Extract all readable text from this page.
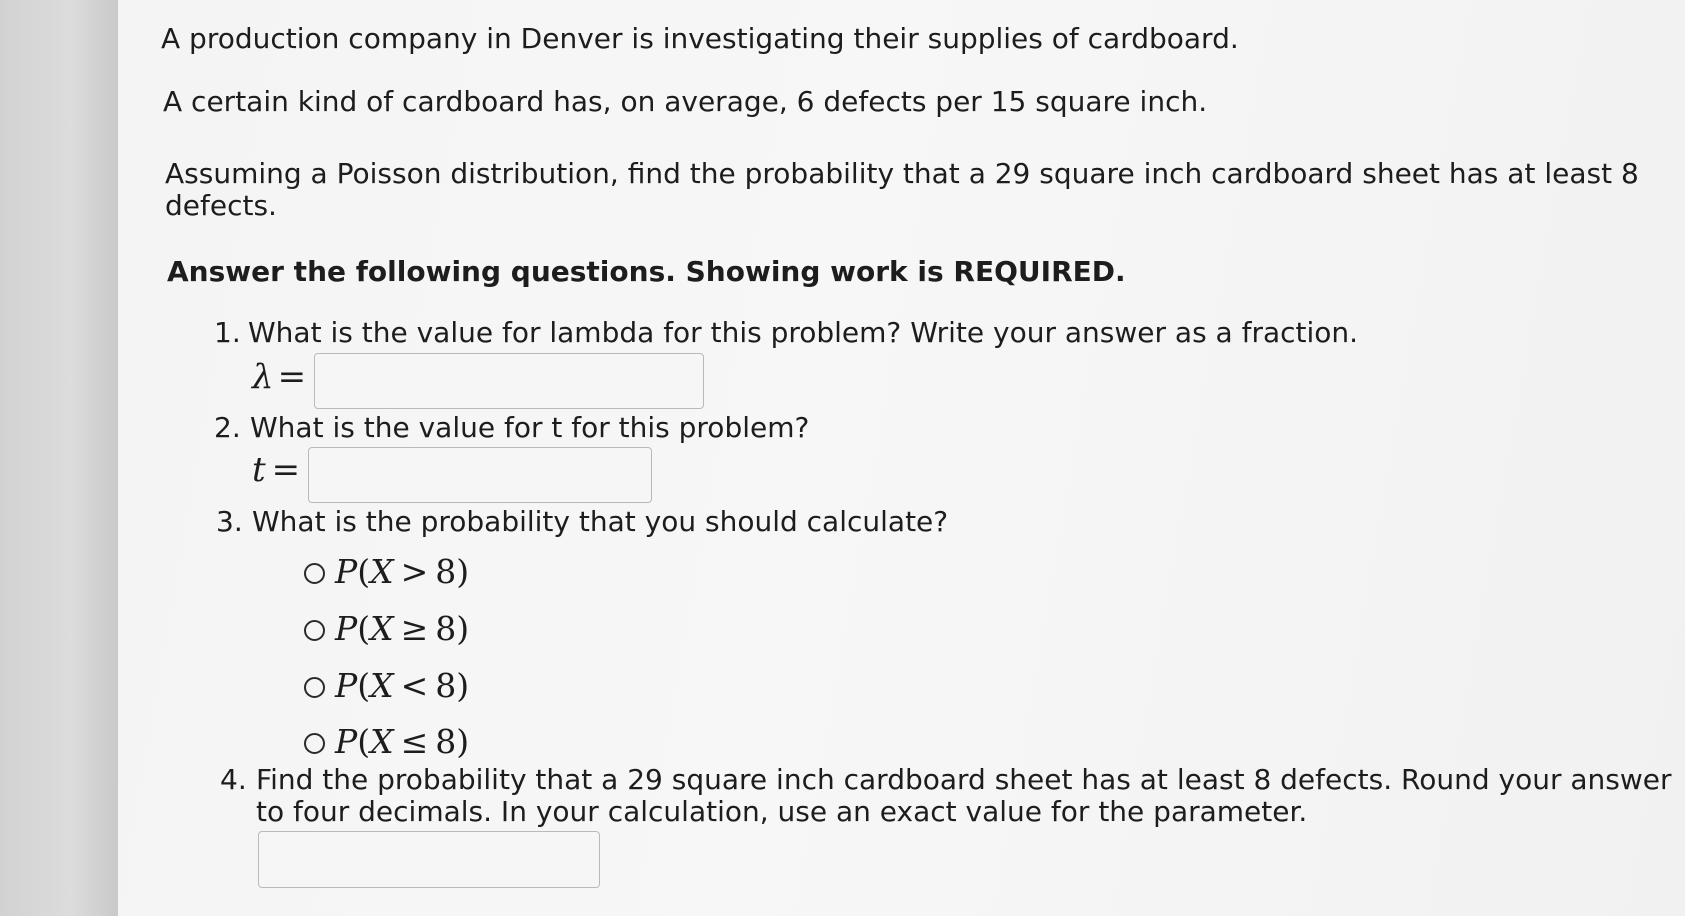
A production company in Denver is investigating their supplies of cardboard.
A certain kind of cardboard has, on average, 6 defects per 15 square inch.
Assuming a Poisson distribution, find the probability that a 29 square inch cardboard sheet has at least 8
defects.
Answer the following questions. Showing work is REQUIRED.
1. What is the value for lambda for this problem? Write your answer as a fraction.
λ =
2. What is the value for t for this problem?
t =
3. What is the probability that you should calculate?
P(X > 8)
P(X ≥ 8)
P(X < 8)
P(X ≤ 8)
4. Find the probability that a 29 square inch cardboard sheet has at least 8 defects. Round your answer
to four decimals. In your calculation, use an exact value for the parameter.
